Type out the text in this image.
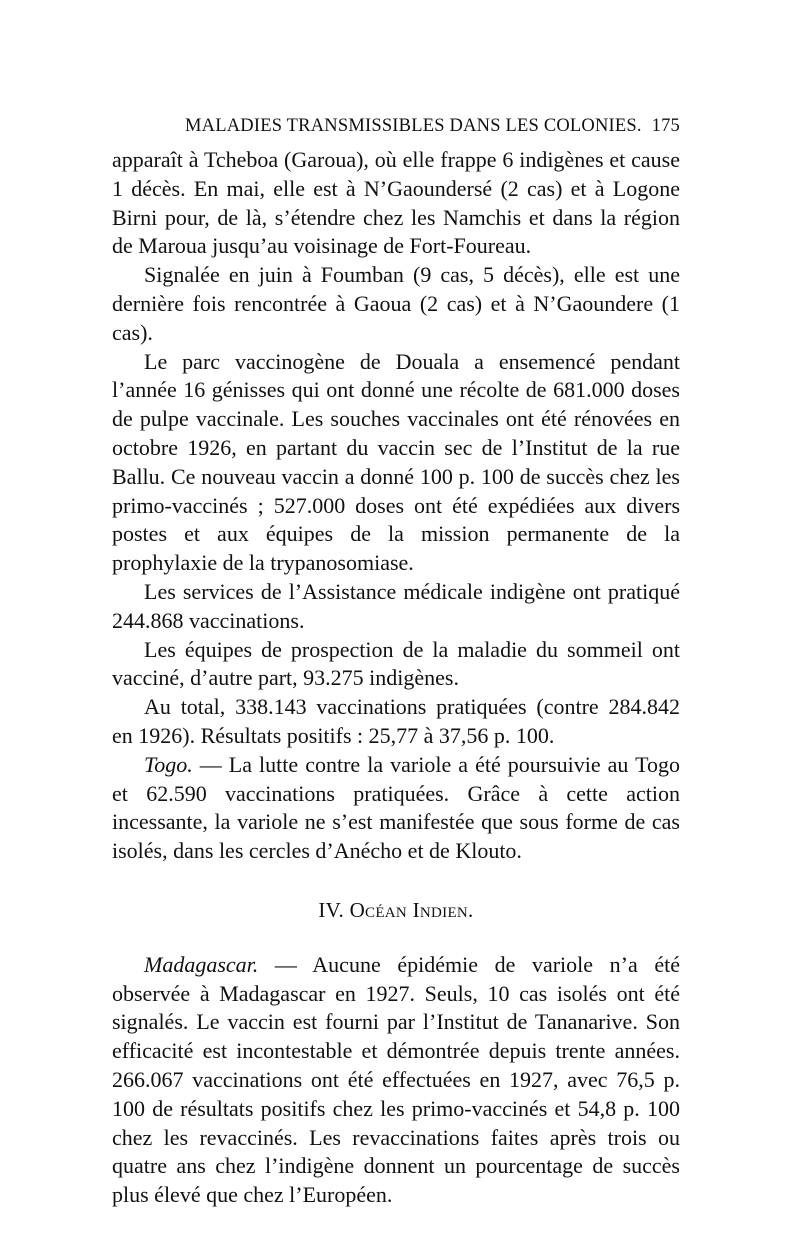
MALADIES TRANSMISSIBLES DANS LES COLONIES. 175

apparaît à Tcheboa (Garoua), où elle frappe 6 indigènes et cause 1 décès. En mai, elle est à N’Gaoundersé (2 cas) et à Logone Birni pour, de là, s’étendre chez les Namchis et dans la région de Maroua jusqu’au voisinage de Fort-Foureau.

Signalée en juin à Foumban (9 cas, 5 décès), elle est une dernière fois rencontrée à Gaoua (2 cas) et à N’Gaoundere (1 cas).

Le parc vaccinogène de Douala a ensemencé pendant l’année 16 génisses qui ont donné une récolte de 681.000 doses de pulpe vaccinale. Les souches vaccinales ont été rénovées en octobre 1926, en partant du vaccin sec de l’Institut de la rue Ballu. Ce nouveau vaccin a donné 100 p. 100 de succès chez les primo-vaccinés ; 527.000 doses ont été expédiées aux divers postes et aux équipes de la mission permanente de la prophylaxie de la trypanosomiase.

Les services de l’Assistance médicale indigène ont pratiqué 244.868 vaccinations.

Les équipes de prospection de la maladie du sommeil ont vacciné, d’autre part, 93.275 indigènes.

Au total, 338.143 vaccinations pratiquées (contre 284.842 en 1926). Résultats positifs : 25,77 à 37,56 p. 100.

Togo. — La lutte contre la variole a été poursuivie au Togo et 62.590 vaccinations pratiquées. Grâce à cette action incessante, la variole ne s’est manifestée que sous forme de cas isolés, dans les cercles d’Anécho et de Klouto.

IV. Océan Indien.

Madagascar. — Aucune épidémie de variole n’a été observée à Madagascar en 1927. Seuls, 10 cas isolés ont été signalés. Le vaccin est fourni par l’Institut de Tananarive. Son efficacité est incontestable et démontrée depuis trente années. 266.067 vaccinations ont été effectuées en 1927, avec 76,5 p. 100 de résultats positifs chez les primo-vaccinés et 54,8 p. 100 chez les revaccinés. Les revaccinations faites après trois ou quatre ans chez l’indigène donnent un pourcentage de succès plus élevé que chez l’Européen.
